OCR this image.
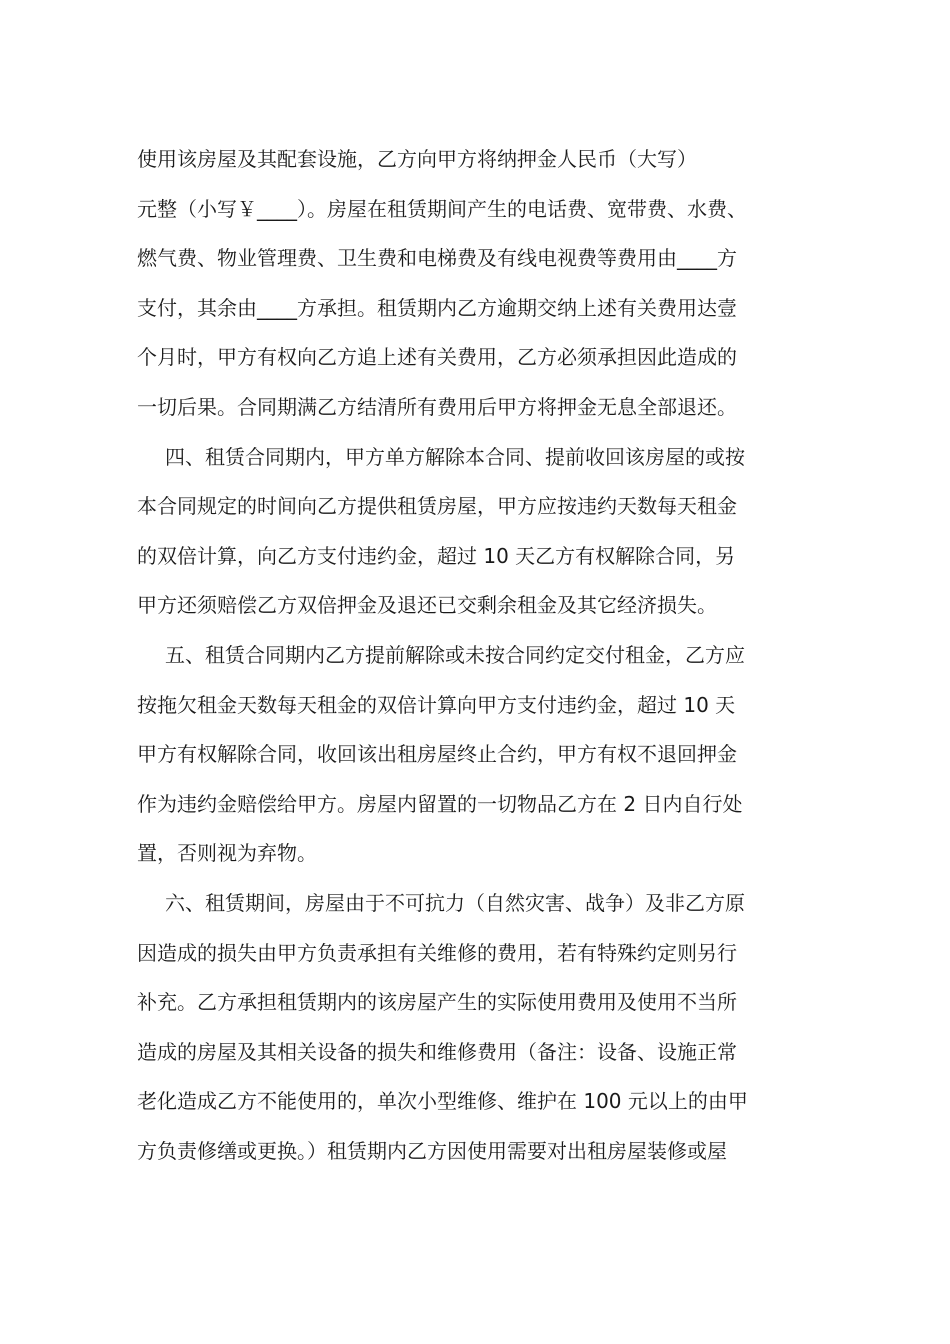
使用该房屋及其配套设施，乙方向甲方将纳押金人民币（大写）
元整（小写￥____）。房屋在租赁期间产生的电话费、宽带费、水费、
燃气费、物业管理费、卫生费和电梯费及有线电视费等费用由____方
支付，其余由____方承担。租赁期内乙方逾期交纳上述有关费用达壹
个月时，甲方有权向乙方追上述有关费用，乙方必须承担因此造成的
一切后果。合同期满乙方结清所有费用后甲方将押金无息全部退还。
四、租赁合同期内，甲方单方解除本合同、提前收回该房屋的或按
本合同规定的时间向乙方提供租赁房屋，甲方应按违约天数每天租金
的双倍计算，向乙方支付违约金，超过 10 天乙方有权解除合同，另
甲方还须赔偿乙方双倍押金及退还已交剩余租金及其它经济损失。
五、租赁合同期内乙方提前解除或未按合同约定交付租金，乙方应
按拖欠租金天数每天租金的双倍计算向甲方支付违约金，超过 10 天
甲方有权解除合同，收回该出租房屋终止合约，甲方有权不退回押金
作为违约金赔偿给甲方。房屋内留置的一切物品乙方在 2 日内自行处
置，否则视为弃物。
六、租赁期间，房屋由于不可抗力（自然灾害、战争）及非乙方原
因造成的损失由甲方负责承担有关维修的费用，若有特殊约定则另行
补充。乙方承担租赁期内的该房屋产生的实际使用费用及使用不当所
造成的房屋及其相关设备的损失和维修费用（备注：设备、设施正常
老化造成乙方不能使用的，单次小型维修、维护在 100 元以上的由甲
方负责修缮或更换。）租赁期内乙方因使用需要对出租房屋装修或屋
